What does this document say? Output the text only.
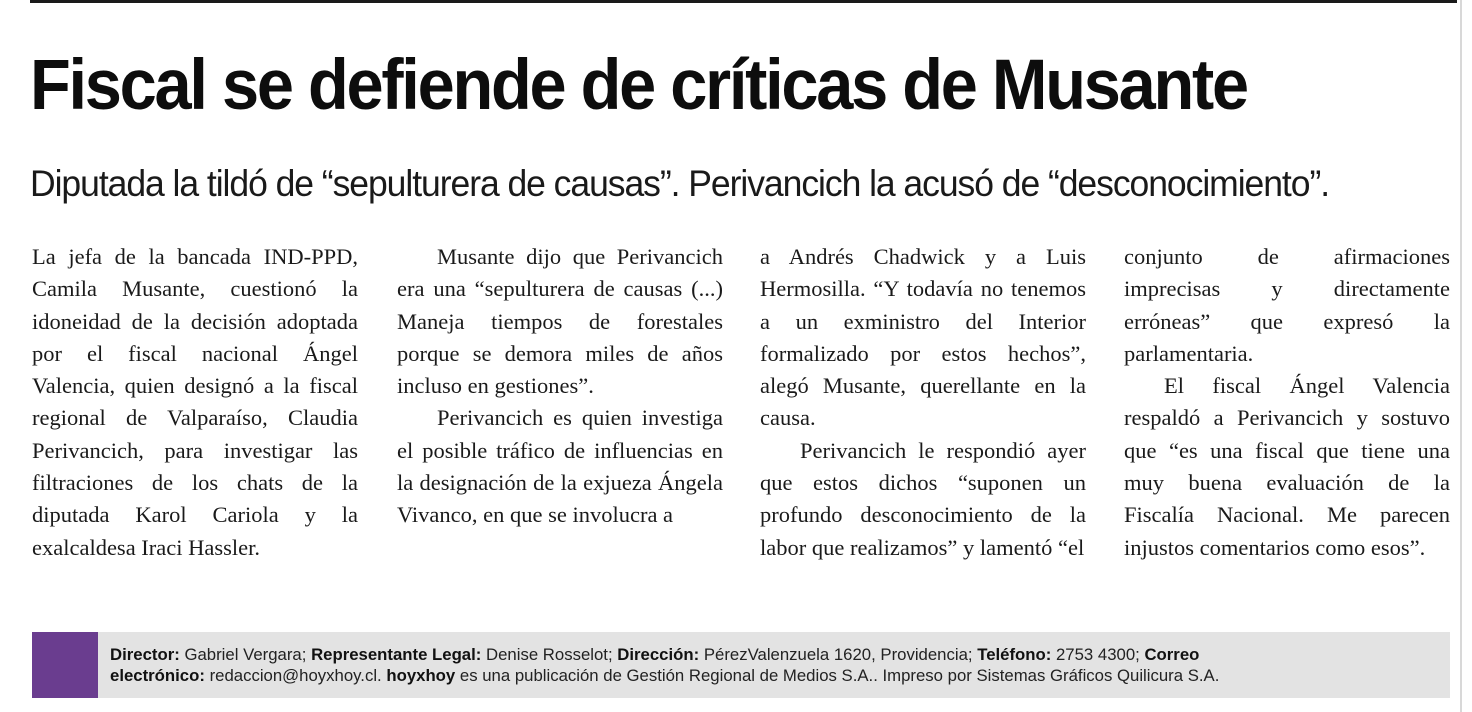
Fiscal se defiende de críticas de Musante
Diputada la tildó de “sepulturera de causas”. Perivancich la acusó de “desconocimiento”.

La jefa de la bancada IND-PPD, Camila Musante, cuestionó la idoneidad de la decisión adoptada por el fiscal nacional Ángel Valencia, quien designó a la fiscal regional de Valparaíso, Claudia Perivancich, para investigar las filtraciones de los chats de la diputada Karol Cariola y la exalcaldesa Iraci Hassler.

Musante dijo que Perivancich era una “sepulturera de causas (...) Maneja tiempos de forestales porque se demora miles de años incluso en gestiones”.

Perivancich es quien investiga el posible tráfico de influencias en la designación de la exjueza Ángela Vivanco, en que se involucra a

a Andrés Chadwick y a Luis Hermosilla. “Y todavía no tenemos a un exministro del Interior formalizado por estos hechos”, alegó Musante, querellante en la causa.

Perivancich le respondió ayer que estos dichos “suponen un profundo desconocimiento de la labor que realizamos” y lamentó “el

conjunto de afirmaciones imprecisas y directamente erróneas” que expresó la parlamentaria.

El fiscal Ángel Valencia respaldó a Perivancich y sostuvo que “es una fiscal que tiene una muy buena evaluación de la Fiscalía Nacional. Me parecen injustos comentarios como esos”.

Director: Gabriel Vergara; Representante Legal: Denise Rosselot; Dirección: PérezValenzuela 1620, Providencia; Teléfono: 2753 4300; Correo
electrónico: redaccion@hoyxhoy.cl. hoyxhoy es una publicación de Gestión Regional de Medios S.A.. Impreso por Sistemas Gráficos Quilicura S.A.
